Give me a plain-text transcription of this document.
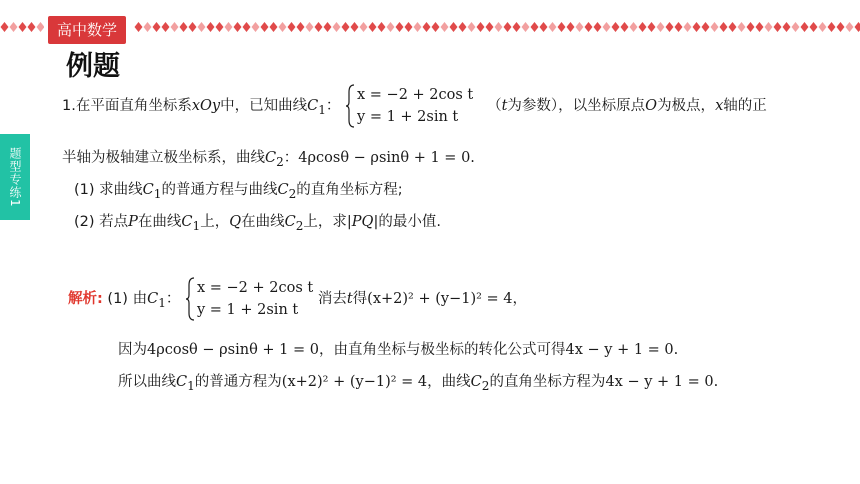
高中数学
题型专练1
例题
1.在平面直角坐标系xOy中，已知曲线$C_1$：
x = −2 + 2cos t
y = 1 + 2sin t
（t为参数），以坐标原点O为极点，x轴的正
半轴为极轴建立极坐标系，曲线$C_2$：4ρcosθ − ρsinθ + 1 = 0.
(1) 求曲线$C_1$的普通方程与曲线$C_2$的直角坐标方程;
(2) 若点P在曲线$C_1$上，Q在曲线$C_2$上，求|PQ|的最小值.
解析: (1) 由$C_1$：
x = −2 + 2cos t
y = 1 + 2sin t
消去t得(x+2)² + (y−1)² = 4，
因为4ρcosθ − ρsinθ + 1 = 0，由直角坐标与极坐标的转化公式可得4x − y + 1 = 0.
所以曲线$C_1$的普通方程为(x+2)² + (y−1)² = 4，曲线$C_2$的直角坐标方程为4x − y + 1 = 0.
